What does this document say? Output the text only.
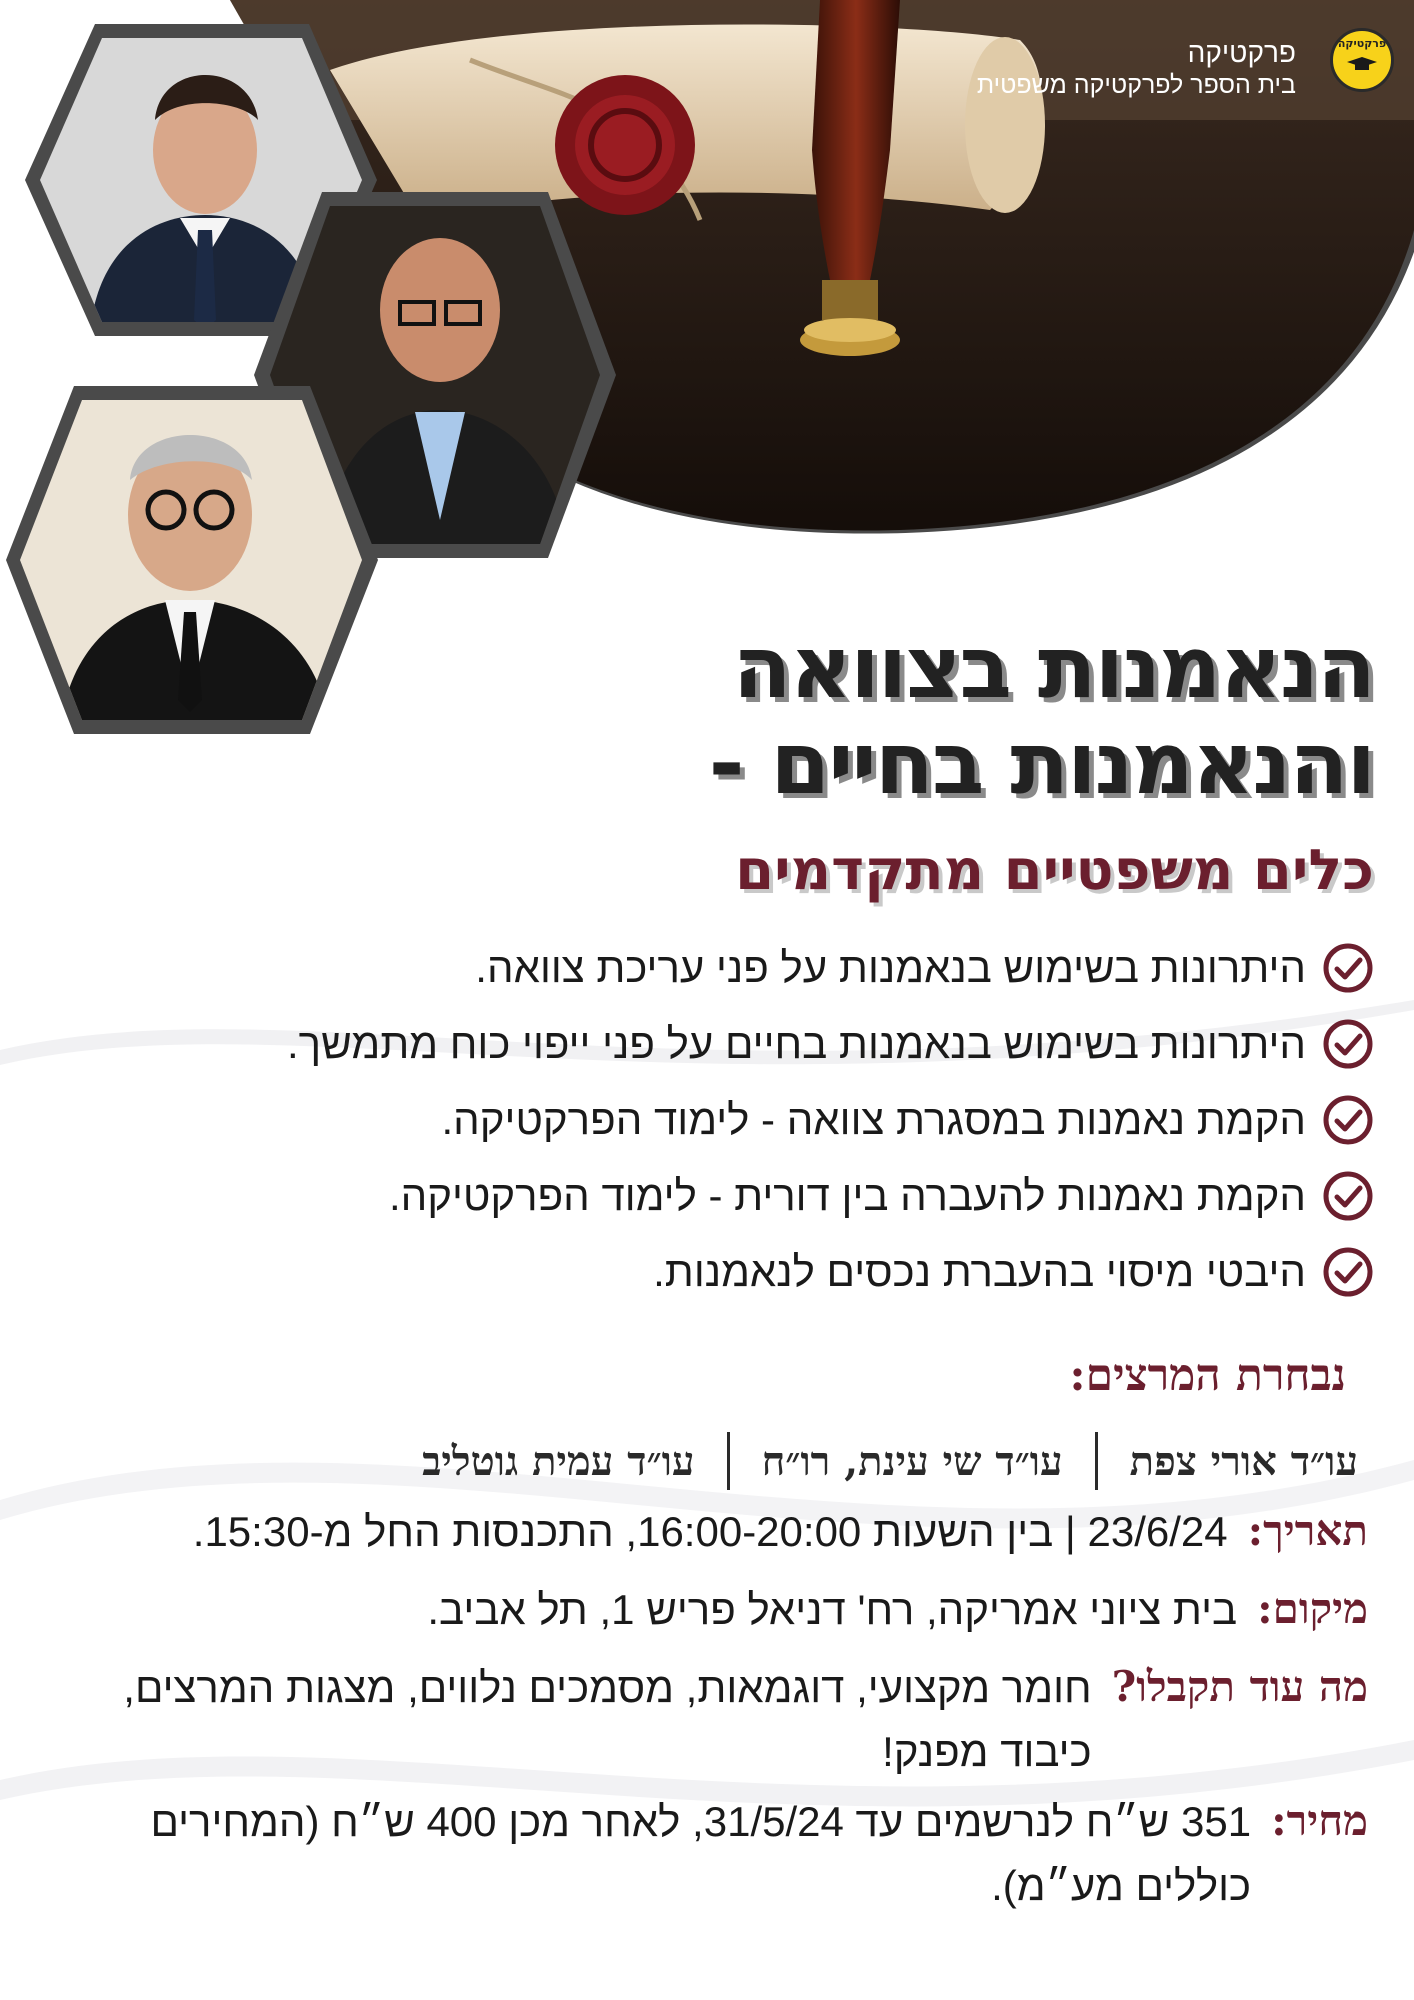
פרקטיקה
פרקטיקה
בית הספר לפרקטיקה משפטית
הנאמנות בצוואה
והנאמנות בחיים -
כלים משפטיים מתקדמים
היתרונות בשימוש בנאמנות על פני עריכת צוואה.
היתרונות בשימוש בנאמנות בחיים על פני ייפוי כוח מתמשך.
הקמת נאמנות במסגרת צוואה - לימוד הפרקטיקה.
הקמת נאמנות להעברה בין דורית - לימוד הפרקטיקה.
היבטי מיסוי בהעברת נכסים לנאמנות.
נבחרת המרצים:
עו״ד אורי צפת
עו״ד שי עינת, רו״ח
עו״ד עמית גוטליב
תאריך:
23/6/24 | בין השעות 16:00-20:00, התכנסות החל מ-15:30.
מיקום:
בית ציוני אמריקה, רח' דניאל פריש 1, תל אביב.
מה עוד תקבלו?
חומר מקצועי, דוגמאות, מסמכים נלווים, מצגות המרצים, כיבוד מפנק!
מחיר:
351 ש״ח לנרשמים עד 31/5/24, לאחר מכן 400 ש״ח (המחירים כוללים מע״מ).
